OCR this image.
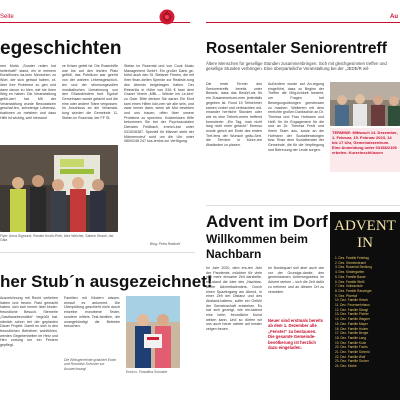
Seite	Au
egeschichten
rem Motto „Sonder reden bst heiterhaft!“ stand, ein le meinem Kunstlinnen ka-inen Menschen zu Wort, der sich getraut haben, of-über ihre Probleme zu gen und dann davon zu hlen, wie sie ihren Weg en haben. Die Veranstaltung geför-dert hat. Mit der Veranstaltung wurde Bewusstsein geschaf-fen, schwierige Lebenssi-tuationen zu meistern und dass Hilfe ist wichtig, weil niemand
ve Krisen gefeit ist. Die Rosenhilfe war bis auf den letzten Platz gefüllt, das Publikum war geehrt von der wahren Lebensgeschich-ten und der stimmungsvollen musikalischen Umrahmung von den Glücksbindern fruit. Egoist! Gemeinsam wurde gelacht und die eine oder andere Träne vergossen. Im Anschluss an die Veranstal-tung wurden die Gemeinde 11, Stefan im Rosental, der FF St.
Stefan im Rosental und von Cook Music Management GmbH. Ein großer Dank ge-bührt auch den St. Stefaner Firmen, die mit ihrer finan-ziellen Spende zur Realisie-rung des Abends beigetragen haben. Der Reinerlös in Höhe von 516 € kam dem Grazer Verein „MBL – Wieder ins Le-ben“ zu Gute. Bitte denken Sie daran: Ein Kind kam einen Hilfen kön-nen wir alle sein, und zwar immer dann, wenn wir Mut bewirken und uns trauen, offen über unsere Probleme zu sprechen. Kostenlosen Hilfe bekommen Sie bei der Psychosozialen Diensten Feldbach, erreich-bar unter 03152/6387. Speziell für Männer steht der Männernotruf rund um die Uhr unter 0800/246 247 kos-tenlos zur Verfügung.
Flyer, Anna Sigmund, Renate Knoth-Pertl, Alex Welcher, Sabine Straub, der Gala
Blog: Petra Radkohl
her Stub´n ausgezeichnet!
Auszeichnung mit Recht verliehen haben und freuen. Rast gemacht haben. sich sich immer über kinder-freundliche Besuch. Sternerle „Gasthausfreundlich“ begrüßt hat, nämlich schon bei der geplanten Dauer Projekt. Damit es sich in den freundlichen Betrieben wohlfühlen, werden Gegebenheiten im Herz und Hirn vorsorg um ein Festern gepflegt.
Familien mit Kindern wissen, worauf es ankommt. Die Überprüfung geschieht nicht durch einzelne erworbene Tester, sondern mittels Test-familien, die unangekündigt die Betriebe besuchen.
Die Wirtsgemeinde gratuliert Erwin und Roswitha Schuster zur Auszeichnung!
Erwin u. Roswitha Schuster
Rosentaler Seniorentreff
Ältere Menschen für gesellige Stunden zusammenbringen. Sich mit gleichgesinnten treffen und gesellige Stunden verbringen. Eine überparteiliche Veranstaltung bei der „JEDE/R wil-
Die erste Termin des Seniorentreffs bereits unter Beweis, dass das Bedürf-nis für ein Zusammenkom-men jedenfalls gegeben ist. Rund 15 Teilnehmer kamen vorbei und verbrachten mit-einander herrliche Stunden oder wie es eine Teilneh-merin treffend formulierte: „Ein Tag, man nicht lang nicht mehr gelacht.“ Ebenso wurde gleich am Ende des ersten Tref-fens der Wunsch geäu-ßert, die Termine in kürze-ren Abständen zu planen.
Außerdem wurde auf An-regung eingeführt, dass zu Beginn der Treffen die Mög-lichkeit besteht, um Fragen bei Bewegungsübungen gemeinsam zu machen. Weiterem mit dem erreichte großen Dankschön an Dr. Theresa und Frau Hofmann und Heiß für ihr Engagement für die und an Dr. Theresa Fredl und ihrem Team aus, sowie an die Hofmann der Sozialberatungen bzw. Rose dem Sozialberater der Gemeinde, die für die Verpflegung und Betreuung der Leute sorgen.
TERMINE: Mittwoch 14. Dezember, 1. Februar, 15. Februar 2023, 14 bis 17 Uhr, Gemeindezentrum. Eine Anmeldung unter 03158/2105 erbeten. Kurzeinschlüssen
Advent im Dorf
Willkommen beim Nachbarn
Im Jahr 2020, dem ers-ten Jahr der Pandemie, möchten für viele von mehr einsame Zeit darstellte, ent-stand die Idee des „Nachbar-dorfer Adventkalenders. Durch einen Spaziergang am Abend, in einer Zeit der Distanz und des Abstand-haltens, sollte ein Gefühl der Gemeinschaft entstehen. Es hat sich gezeigt, wie ein-ladend eine helle, freundliche Kunst wirken kann. Und so dürfen wir uns auch heuer wieder auf kreativ zeigen freuen.
Im Nordequart soll aber auch wie vor der Grundge-danke, des gemeinsamen Unterwegsseins im Advent stehen – sich die Zeit dafür zu nehmen und an diesem Ort zu verweilen.
Neuer sind erstmals bereits ab dem 1. Dezember alle „Fenster“ zu bestaunen. Die gesamte Gemeinde-bevölkerung ist herzlich dazu eingeladen.
ADVENT IN
1. Dez. Familie Feiertag
2. Dez. Gemeindeamt
3. Dez. Rosental Siedlung
4. Dez. Kindergarten
5. Dez. Familie Bauer
6. Dez. Familie Weiß
7. Dez. Volksschule
8. Dez. Familie Ranzinger
9. Dez. Pfarrhof
10. Dez. Familie Hirsch
11. Dez. Feuerwehrhaus
12. Dez. Familie Stangl
13. Dez. Familie Pichler
14. Dez. Familie Wagner
15. Dez. Familie Mayer
16. Dez. Familie Holzer
17. Dez. Familie Berger
18. Dez. Familie Lang
19. Dez. Familie Koch
20. Dez. Familie Fuchs
21. Dez. Familie Schmid
22. Dez. Familie Wolf
23. Dez. Familie Gruber
24. Dez. Kirche
